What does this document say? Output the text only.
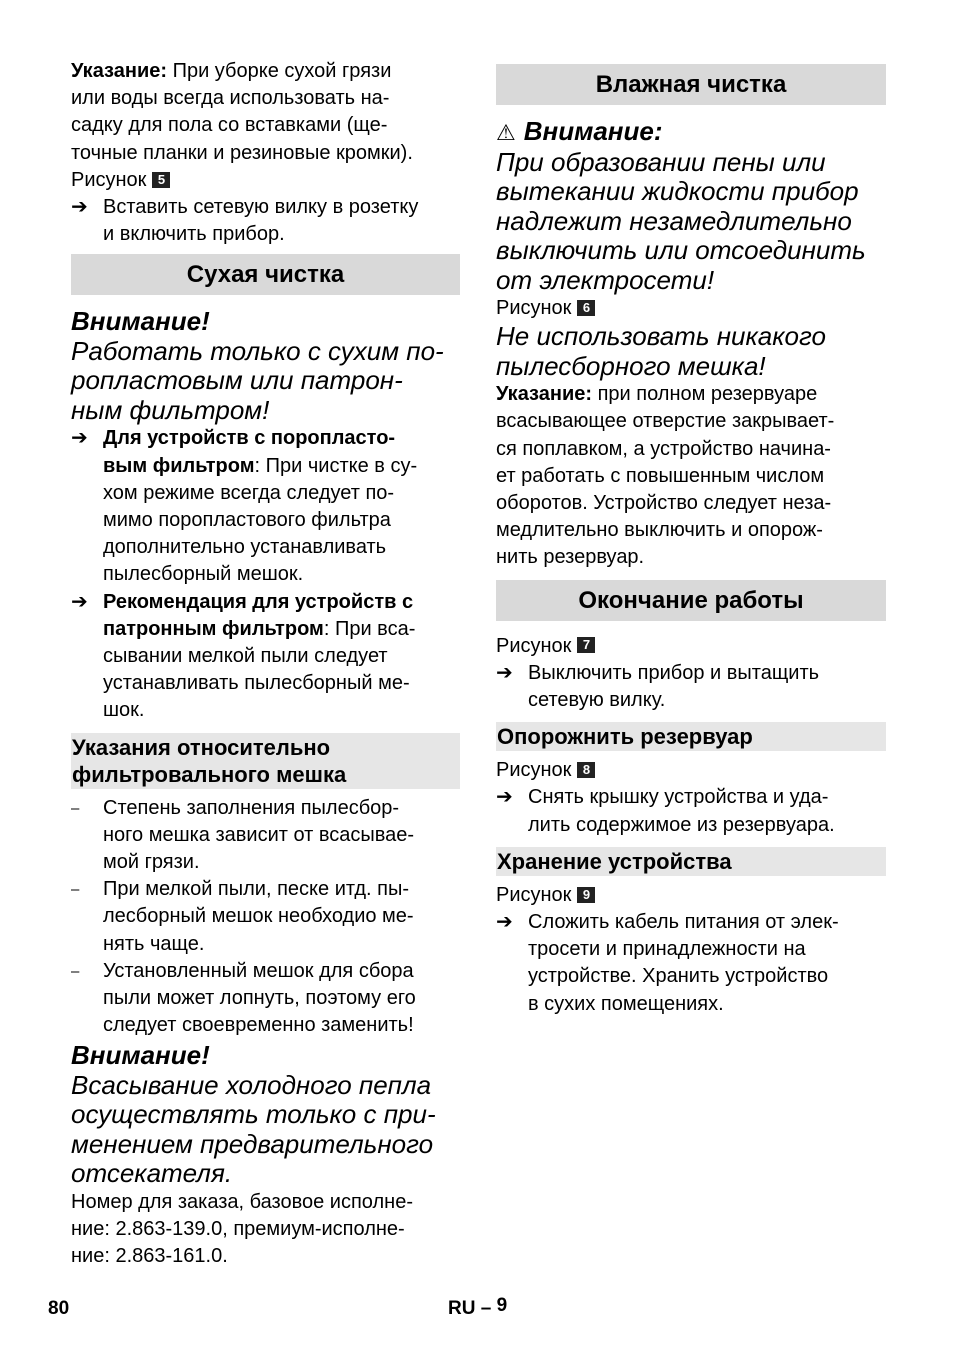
Указание: При уборке сухой грязи
или воды всегда использовать на-
садку для пола со вставками (ще-
точные планки и резиновые кромки).
Рисунок 5
➔ Вставить сетевую вилку в розетку
и включить прибор.
Сухая чистка
Внимание!
Работать только с сухим по-
ропластовым или патрон-
ным фильтром!
➔ Для устройств с поропласто-
вым фильтром: При чистке в су-
хом режиме всегда следует по-
мимо поропластового фильтра
дополнительно устанавливать
пылесборный мешок.
➔ Рекомендация для устройств с
патронным фильтром: При вса-
сывании мелкой пыли следует
устанавливать пылесборный ме-
шок.
Указания относительно
фильтровального мешка
– Степень заполнения пылесбор-
ного мешка зависит от всасывае-
мой грязи.
– При мелкой пыли, песке итд. пы-
лесборный мешок необходио ме-
нять чаще.
– Установленный мешок для сбора
пыли может лопнуть, поэтому его
следует своевременно заменить!
Внимание!
Всасывание холодного пепла
осуществлять только с при-
менением предварительного
отсекателя.
Номер для заказа, базовое исполне-
ние: 2.863-139.0, премиум-исполне-
ние: 2.863-161.0.
Влажная чистка
⚠ Внимание:
При образовании пены или
вытекании жидкости прибор
надлежит незамедлительно
выключить или отсоединить
от электросети!
Рисунок 6
Не использовать никакого
пылесборного мешка!
Указание: при полном резервуаре
всасывающее отверстие закрывает-
ся поплавком, а устройство начина-
ет работать с повышенным числом
оборотов. Устройство следует неза-
медлительно выключить и опорож-
нить резервуар.
Окончание работы
Рисунок 7
➔ Выключить прибор и вытащить
сетевую вилку.
Опорожнить резервуар
Рисунок 8
➔ Снять крышку устройства и уда-
лить содержимое из резервуара.
Хранение устройства
Рисунок 9
➔ Сложить кабель питания от элек-
тросети и принадлежности на
устройстве. Хранить устройство
в сухих помещениях.
80	RU – 9
